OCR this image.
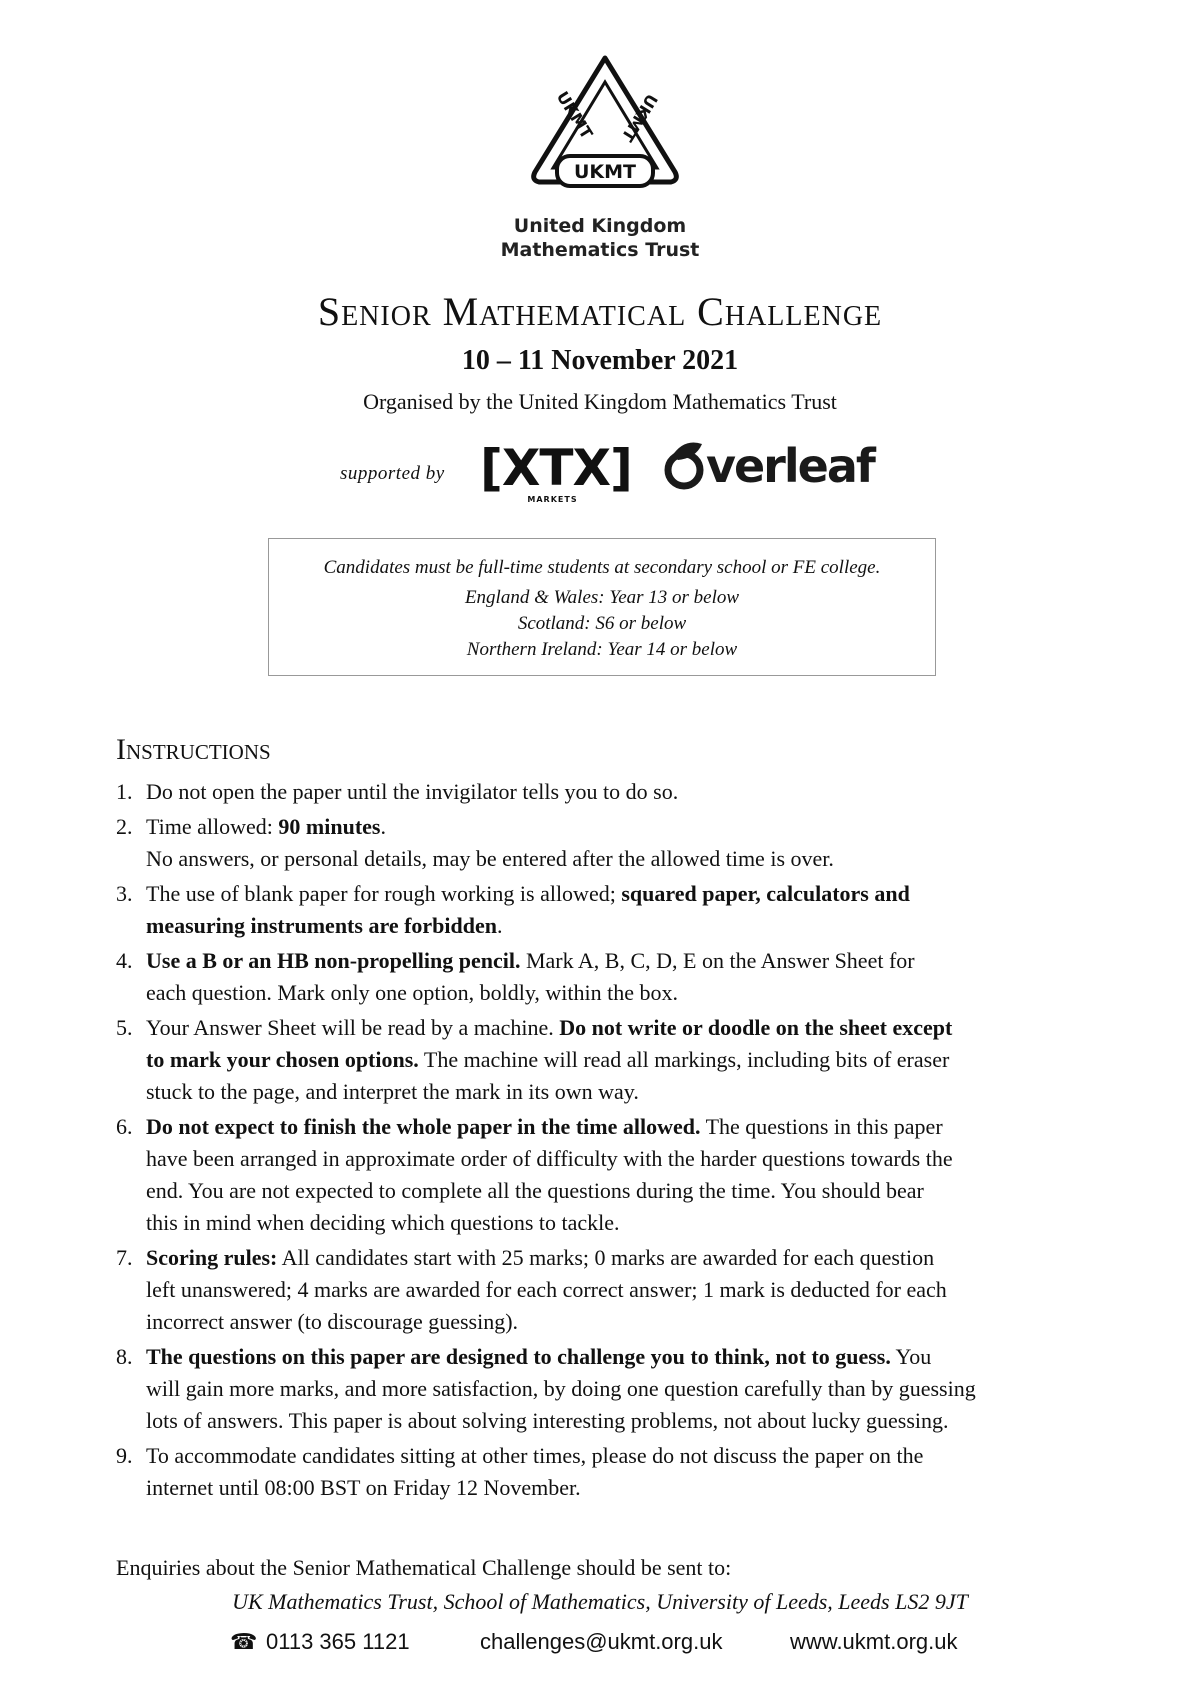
UKMT
UKMT UKMT
United Kingdom
Mathematics Trust
Senior Mathematical Challenge
10 – 11 November 2021
Organised by the United Kingdom Mathematics Trust
supported by [XTX]
MARKETS
verleaf
Candidates must be full-time students at secondary school or FE college.
England & Wales: Year 13 or below
Scotland: S6 or below
Northern Ireland: Year 14 or below
Instructions
1. Do not open the paper until the invigilator tells you to do so.
2. Time allowed: 90 minutes.
No answers, or personal details, may be entered after the allowed time is over.
3. The use of blank paper for rough working is allowed; squared paper, calculators and
measuring instruments are forbidden.
4. Use a B or an HB non-propelling pencil. Mark A, B, C, D, E on the Answer Sheet for
each question. Mark only one option, boldly, within the box.
5. Your Answer Sheet will be read by a machine. Do not write or doodle on the sheet except
to mark your chosen options. The machine will read all markings, including bits of eraser
stuck to the page, and interpret the mark in its own way.
6. Do not expect to finish the whole paper in the time allowed. The questions in this paper
have been arranged in approximate order of difficulty with the harder questions towards the
end. You are not expected to complete all the questions during the time. You should bear
this in mind when deciding which questions to tackle.
7. Scoring rules: All candidates start with 25 marks; 0 marks are awarded for each question
left unanswered; 4 marks are awarded for each correct answer; 1 mark is deducted for each
incorrect answer (to discourage guessing).
8. The questions on this paper are designed to challenge you to think, not to guess. You
will gain more marks, and more satisfaction, by doing one question carefully than by guessing
lots of answers. This paper is about solving interesting problems, not about lucky guessing.
9. To accommodate candidates sitting at other times, please do not discuss the paper on the
internet until 08:00 BST on Friday 12 November.
Enquiries about the Senior Mathematical Challenge should be sent to:
UK Mathematics Trust, School of Mathematics, University of Leeds, Leeds LS2 9JT
☎ 0113 365 1121	challenges@ukmt.org.uk	www.ukmt.org.uk
